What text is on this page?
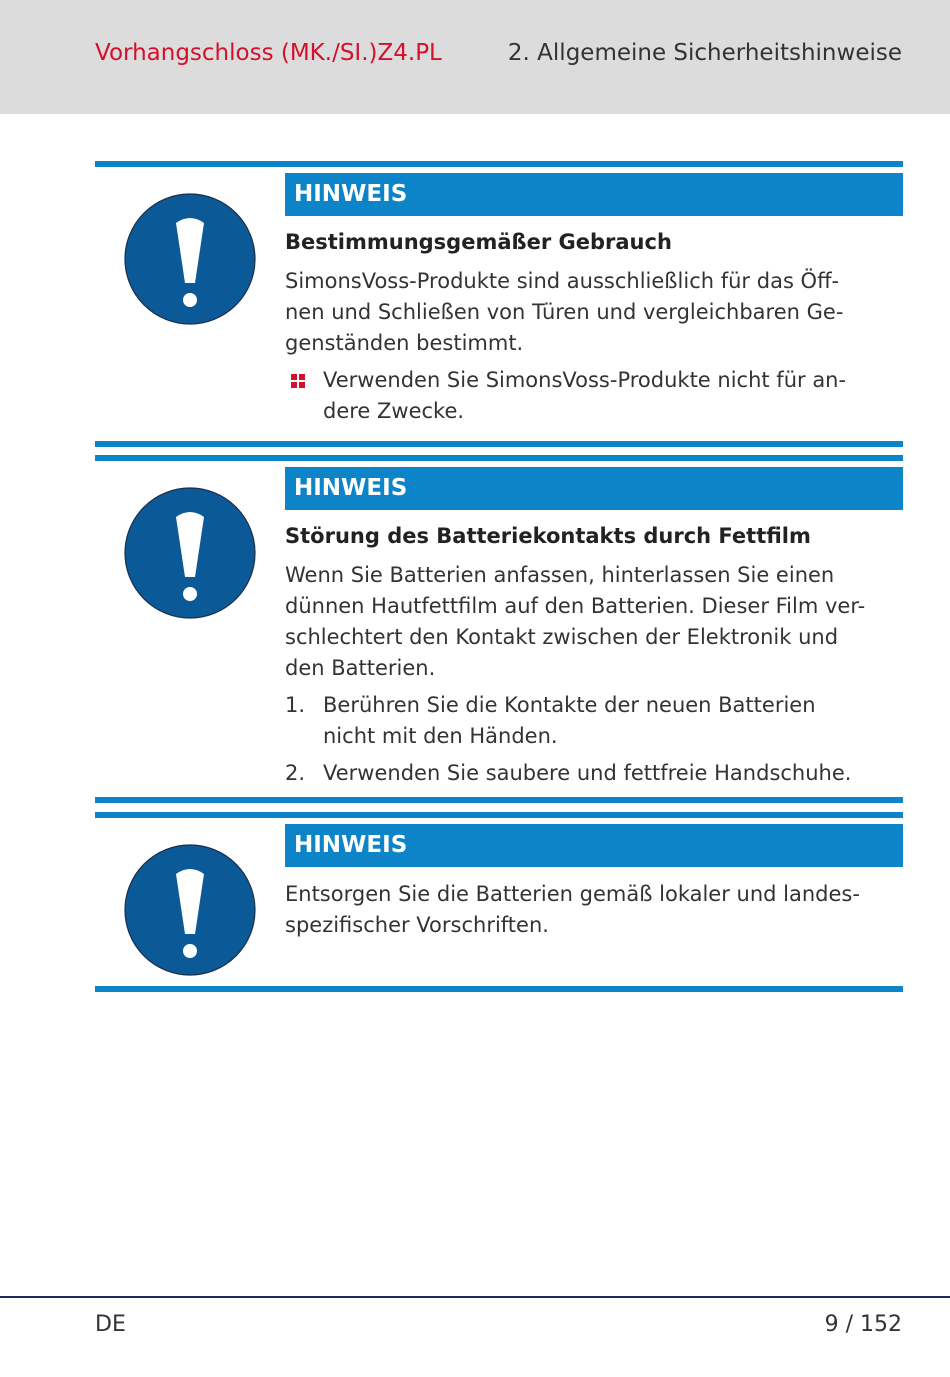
Vorhangschloss (MK./SI.)Z4.PL	2. Allgemeine Sicherheitshinweise
HINWEIS
Bestimmungsgemäßer Gebrauch
SimonsVoss-Produkte sind ausschließlich für das Öff-
nen und Schließen von Türen und vergleichbaren Ge-
genständen bestimmt.
Verwenden Sie SimonsVoss-Produkte nicht für an-
dere Zwecke.
HINWEIS
Störung des Batteriekontakts durch Fettfilm
Wenn Sie Batterien anfassen, hinterlassen Sie einen
dünnen Hautfettfilm auf den Batterien. Dieser Film ver-
schlechtert den Kontakt zwischen der Elektronik und
den Batterien.
1. Berühren Sie die Kontakte der neuen Batterien
nicht mit den Händen.
2. Verwenden Sie saubere und fettfreie Handschuhe.
HINWEIS
Entsorgen Sie die Batterien gemäß lokaler und landes-
spezifischer Vorschriften.
DE	9 / 152
